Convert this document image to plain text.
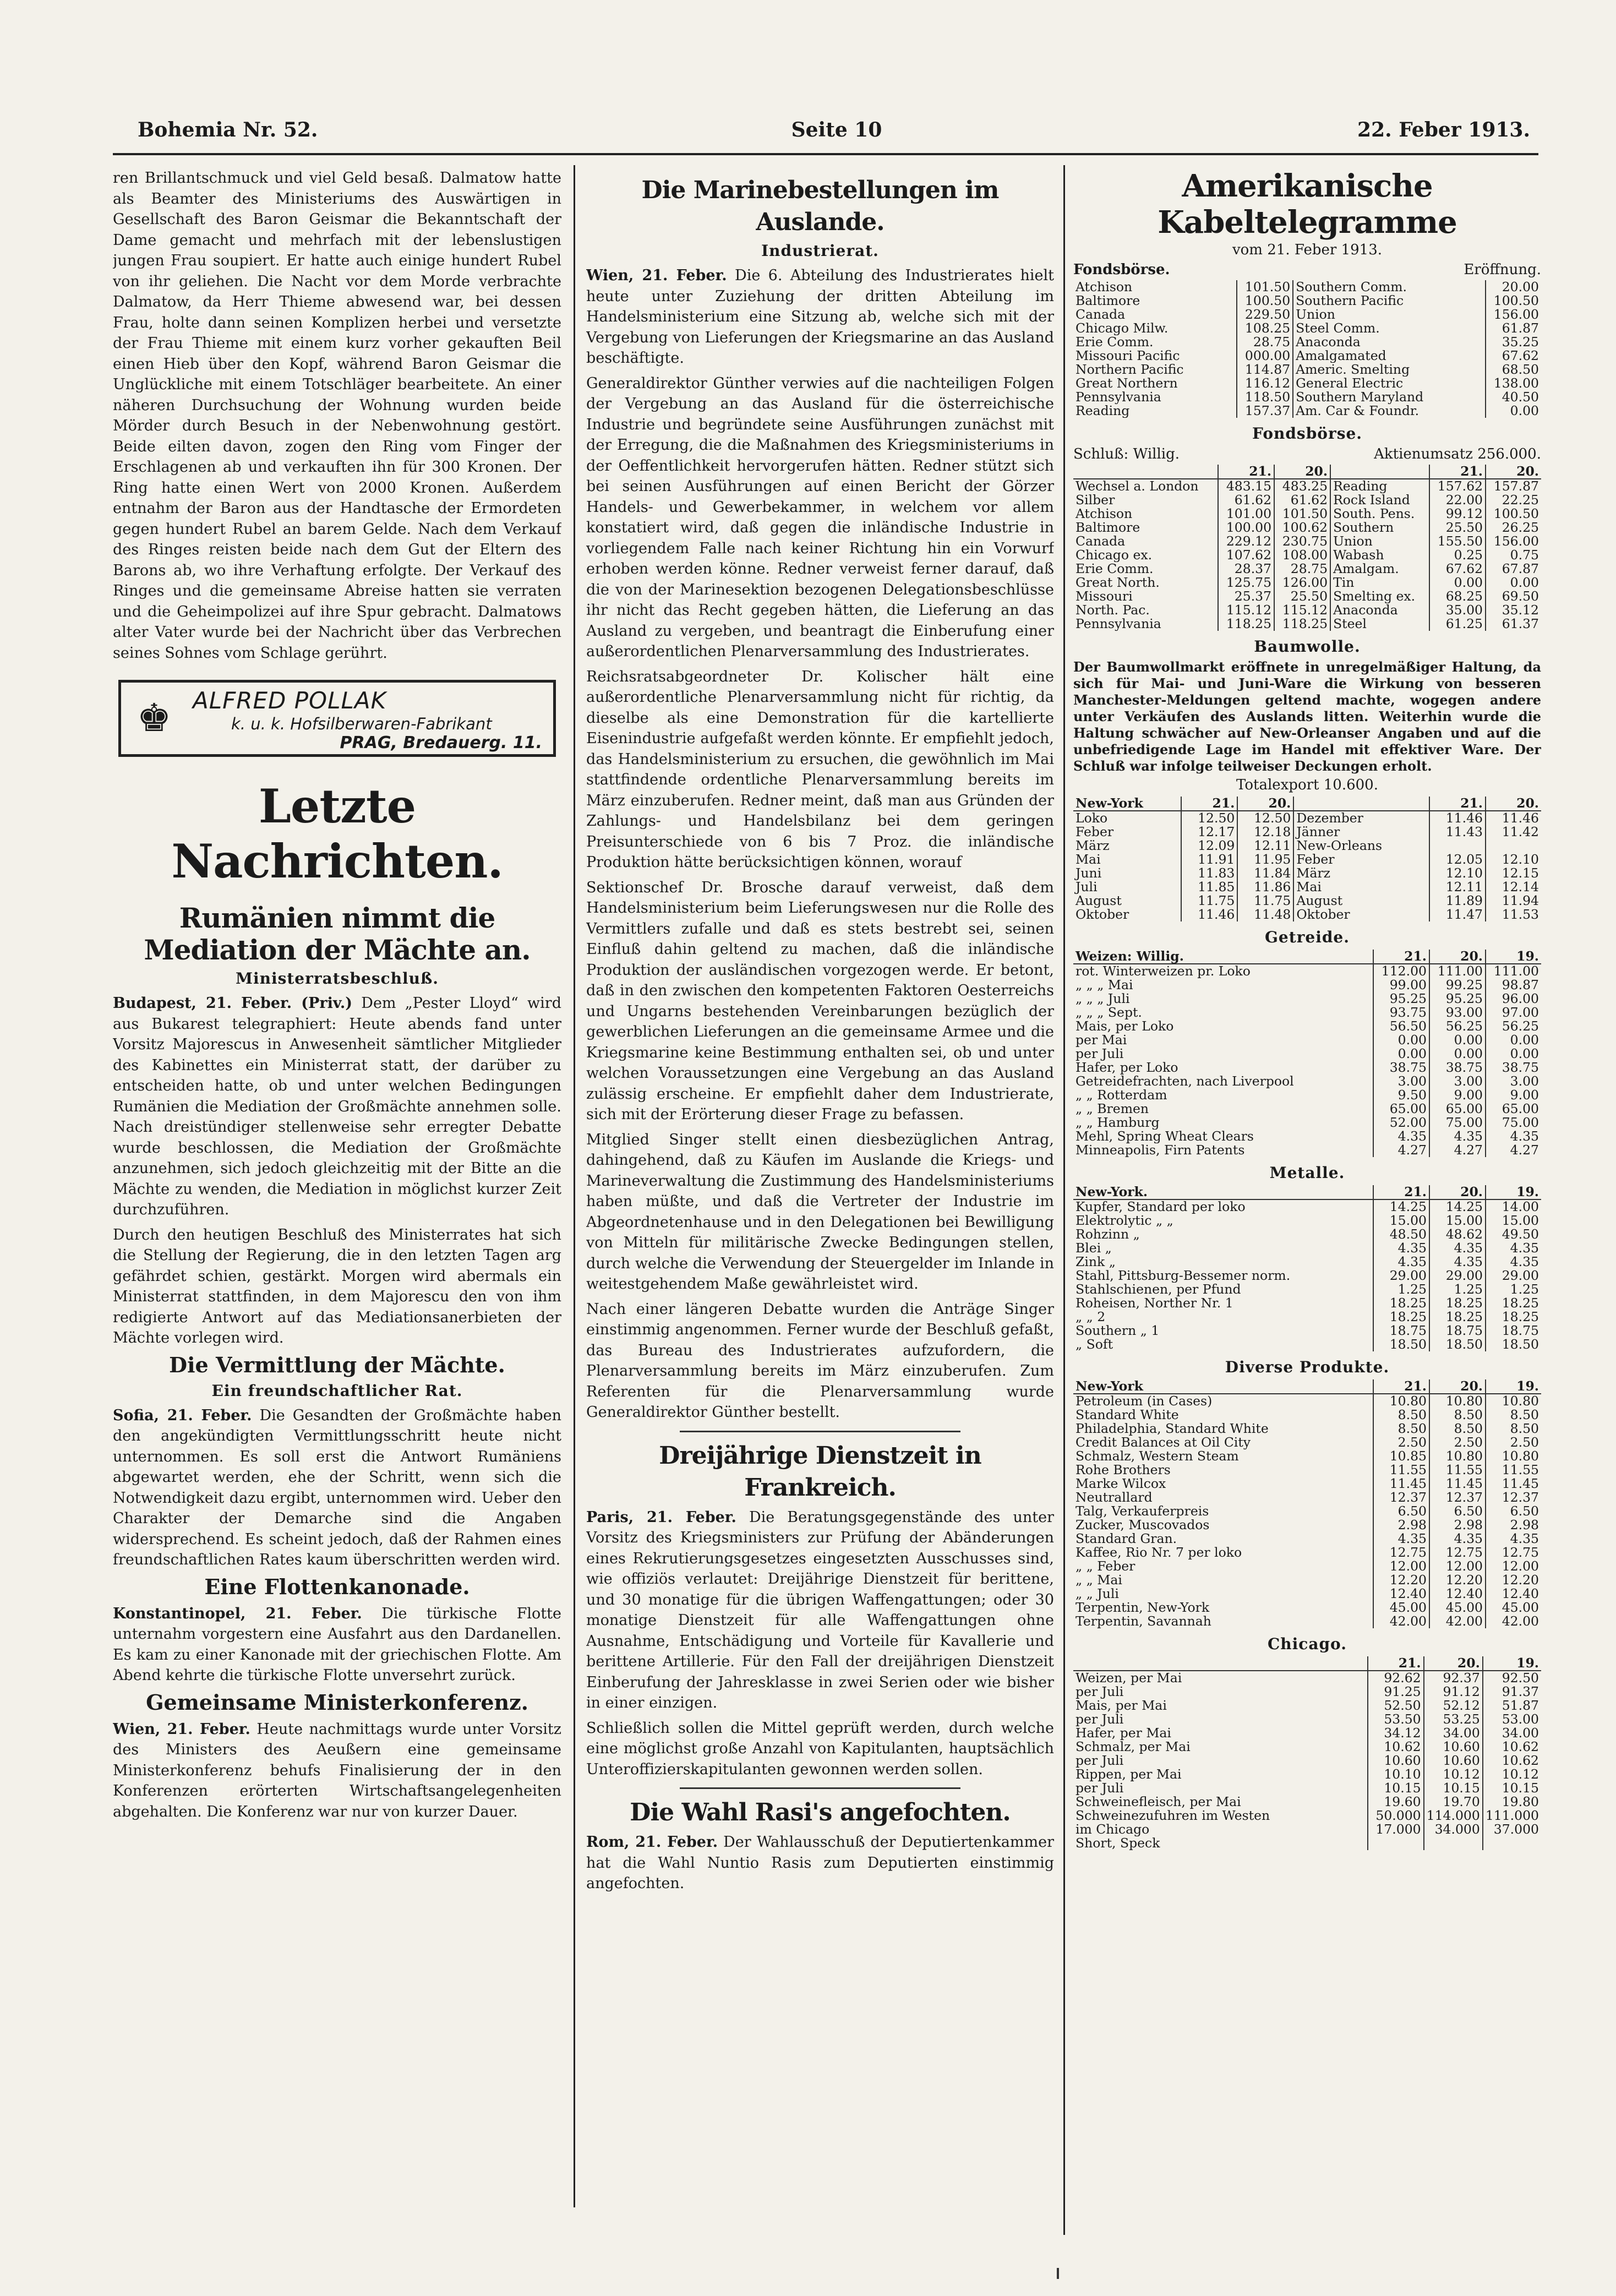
Bohemia Nr. 52.	Seite 10	22. Feber 1913.

ren Brillantschmuck und viel Geld besaß. Dalmatow hatte als Beamter des Ministeriums des Auswärtigen in Gesellschaft des Baron Geismar die Bekanntschaft der Dame gemacht und mehrfach mit der lebenslustigen jungen Frau soupiert. Er hatte auch einige hundert Rubel von ihr geliehen. Die Nacht vor dem Morde verbrachte Dalmatow, da Herr Thieme abwesend war, bei dessen Frau, holte dann seinen Komplizen herbei und versetzte der Frau Thieme mit einem kurz vorher gekauften Beil einen Hieb über den Kopf, während Baron Geismar die Unglückliche mit einem Totschläger bearbeitete. An einer näheren Durchsuchung der Wohnung wurden beide Mörder durch Besuch in der Nebenwohnung gestört. Beide eilten davon, zogen den Ring vom Finger der Erschlagenen ab und verkauften ihn für 300 Kronen. Der Ring hatte einen Wert von 2000 Kronen. Außerdem entnahm der Baron aus der Handtasche der Ermordeten gegen hundert Rubel an barem Gelde. Nach dem Verkauf des Ringes reisten beide nach dem Gut der Eltern des Barons ab, wo ihre Verhaftung erfolgte. Der Verkauf des Ringes und die gemeinsame Abreise hatten sie verraten und die Geheimpolizei auf ihre Spur gebracht. Dalmatows alter Vater wurde bei der Nachricht über das Verbrechen seines Sohnes vom Schlage gerührt.

♚ ALFRED POLLAK
k. u. k. Hofsilberwaren-Fabrikant
PRAG, Bredauerg. 11.
Letzte Nachrichten.
Rumänien nimmt die Mediation der Mächte an.
Ministerratsbeschluß.

Budapest, 21. Feber. (Priv.) Dem „Pester Lloyd“ wird aus Bukarest telegraphiert: Heute abends fand unter Vorsitz Majorescus in Anwesenheit sämtlicher Mitglieder des Kabinettes ein Ministerrat statt, der darüber zu entscheiden hatte, ob und unter welchen Bedingungen Rumänien die Mediation der Großmächte annehmen solle. Nach dreistündiger stellenweise sehr erregter Debatte wurde beschlossen, die Mediation der Großmächte anzunehmen, sich jedoch gleichzeitig mit der Bitte an die Mächte zu wenden, die Mediation in möglichst kurzer Zeit durchzuführen.

Durch den heutigen Beschluß des Ministerrates hat sich die Stellung der Regierung, die in den letzten Tagen arg gefährdet schien, gestärkt. Morgen wird abermals ein Ministerrat stattfinden, in dem Majorescu den von ihm redigierte Antwort auf das Mediationsanerbieten der Mächte vorlegen wird.

Die Vermittlung der Mächte.
Ein freundschaftlicher Rat.

Sofia, 21. Feber. Die Gesandten der Großmächte haben den angekündigten Vermittlungsschritt heute nicht unternommen. Es soll erst die Antwort Rumäniens abgewartet werden, ehe der Schritt, wenn sich die Notwendigkeit dazu ergibt, unternommen wird. Ueber den Charakter der Demarche sind die Angaben widersprechend. Es scheint jedoch, daß der Rahmen eines freundschaftlichen Rates kaum überschritten werden wird.

Eine Flottenkanonade.

Konstantinopel, 21. Feber. Die türkische Flotte unternahm vorgestern eine Ausfahrt aus den Dardanellen. Es kam zu einer Kanonade mit der griechischen Flotte. Am Abend kehrte die türkische Flotte unversehrt zurück.

Gemeinsame Ministerkonferenz.

Wien, 21. Feber. Heute nachmittags wurde unter Vorsitz des Ministers des Aeußern eine gemeinsame Ministerkonferenz behufs Finalisierung der in den Konferenzen erörterten Wirtschaftsangelegenheiten abgehalten. Die Konferenz war nur von kurzer Dauer.

Die Marinebestellungen im Auslande.
Industrierat.

Wien, 21. Feber. Die 6. Abteilung des Industrierates hielt heute unter Zuziehung der dritten Abteilung im Handelsministerium eine Sitzung ab, welche sich mit der Vergebung von Lieferungen der Kriegsmarine an das Ausland beschäftigte.

Generaldirektor Günther verwies auf die nachteiligen Folgen der Vergebung an das Ausland für die österreichische Industrie und begründete seine Ausführungen zunächst mit der Erregung, die die Maßnahmen des Kriegsministeriums in der Oeffentlichkeit hervorgerufen hätten. Redner stützt sich bei seinen Ausführungen auf einen Bericht der Görzer Handels- und Gewerbekammer, in welchem vor allem konstatiert wird, daß gegen die inländische Industrie in vorliegendem Falle nach keiner Richtung hin ein Vorwurf erhoben werden könne. Redner verweist ferner darauf, daß die von der Marinesektion bezogenen Delegationsbeschlüsse ihr nicht das Recht gegeben hätten, die Lieferung an das Ausland zu vergeben, und beantragt die Einberufung einer außerordentlichen Plenarversammlung des Industrierates.

Reichsratsabgeordneter Dr. Kolischer hält eine außerordentliche Plenarversammlung nicht für richtig, da dieselbe als eine Demonstration für die kartellierte Eisenindustrie aufgefaßt werden könnte. Er empfiehlt jedoch, das Handelsministerium zu ersuchen, die gewöhnlich im Mai stattfindende ordentliche Plenarversammlung bereits im März einzuberufen. Redner meint, daß man aus Gründen der Zahlungs- und Handelsbilanz bei dem geringen Preisunterschiede von 6 bis 7 Proz. die inländische Produktion hätte berücksichtigen können, worauf

Sektionschef Dr. Brosche darauf verweist, daß dem Handelsministerium beim Lieferungswesen nur die Rolle des Vermittlers zufalle und daß es stets bestrebt sei, seinen Einfluß dahin geltend zu machen, daß die inländische Produktion der ausländischen vorgezogen werde. Er betont, daß in den zwischen den kompetenten Faktoren Oesterreichs und Ungarns bestehenden Vereinbarungen bezüglich der gewerblichen Lieferungen an die gemeinsame Armee und die Kriegsmarine keine Bestimmung enthalten sei, ob und unter welchen Voraussetzungen eine Vergebung an das Ausland zulässig erscheine. Er empfiehlt daher dem Industrierate, sich mit der Erörterung dieser Frage zu befassen.

Mitglied Singer stellt einen diesbezüglichen Antrag, dahingehend, daß zu Käufen im Auslande die Kriegs- und Marineverwaltung die Zustimmung des Handelsministeriums haben müßte, und daß die Vertreter der Industrie im Abgeordnetenhause und in den Delegationen bei Bewilligung von Mitteln für militärische Zwecke Bedingungen stellen, durch welche die Verwendung der Steuergelder im Inlande in weitestgehendem Maße gewährleistet wird.

Nach einer längeren Debatte wurden die Anträge Singer einstimmig angenommen. Ferner wurde der Beschluß gefaßt, das Bureau des Industrierates aufzufordern, die Plenarversammlung bereits im März einzuberufen. Zum Referenten für die Plenarversammlung wurde Generaldirektor Günther bestellt.

Dreijährige Dienstzeit in Frankreich.

Paris, 21. Feber. Die Beratungsgegenstände des unter Vorsitz des Kriegsministers zur Prüfung der Abänderungen eines Rekrutierungsgesetzes eingesetzten Ausschusses sind, wie offiziös verlautet: Dreijährige Dienstzeit für berittene, und 30 monatige für die übrigen Waffengattungen; oder 30 monatige Dienstzeit für alle Waffengattungen ohne Ausnahme, Entschädigung und Vorteile für Kavallerie und berittene Artillerie. Für den Fall der dreijährigen Dienstzeit Einberufung der Jahresklasse in zwei Serien oder wie bisher in einer einzigen.

Schließlich sollen die Mittel geprüft werden, durch welche eine möglichst große Anzahl von Kapitulanten, hauptsächlich Unteroffizierskapitulanten gewonnen werden sollen.

Die Wahl Rasi's angefochten.

Rom, 21. Feber. Der Wahlausschuß der Deputiertenkammer hat die Wahl Nuntio Rasis zum Deputierten einstimmig angefochten.

Amerikanische Kabeltelegramme
vom 21. Feber 1913.
Fondsbörse.	Eröffnung.
Atchison	101.50	Southern Comm.	20.00
Baltimore	100.50	Southern Pacific	100.50
Canada	229.50	Union	156.00
Chicago Milw.	108.25	Steel Comm.	61.87
Erie Comm.	28.75	Anaconda	35.25
Missouri Pacific	000.00	Amalgamated	67.62
Northern Pacific	114.87	Americ. Smelting	68.50
Great Northern	116.12	General Electric	138.00
Pennsylvania	118.50	Southern Maryland	40.50
Reading	157.37	Am. Car & Foundr.	0.00
Fondsbörse.
Schluß: Willig.	Aktienumsatz 256.000.
	21.	20.		21.	20.
Wechsel a. London	483.15	483.25	Reading	157.62	157.87
Silber	61.62	61.62	Rock Island	22.00	22.25
Atchison	101.00	101.50	South. Pens.	99.12	100.50
Baltimore	100.00	100.62	Southern	25.50	26.25
Canada	229.12	230.75	Union	155.50	156.00
Chicago ex.	107.62	108.00	Wabash	0.25	0.75
Erie Comm.	28.37	28.75	Amalgam.	67.62	67.87
Great North.	125.75	126.00	Tin	0.00	0.00
Missouri	25.37	25.50	Smelting ex.	68.25	69.50
North. Pac.	115.12	115.12	Anaconda	35.00	35.12
Pennsylvania	118.25	118.25	Steel	61.25	61.37
Baumwolle.
Der Baumwollmarkt eröffnete in unregelmäßiger Haltung, da sich für Mai- und Juni-Ware die Wirkung von besseren Manchester-Meldungen geltend machte, wogegen andere unter Verkäufen des Auslands litten. Weiterhin wurde die Haltung schwächer auf New-Orleanser Angaben und auf die unbefriedigende Lage im Handel mit effektiver Ware. Der Schluß war infolge teilweiser Deckungen erholt.
Totalexport 10.600.
New-York	21.	20.		21.	20.
Loko	12.50	12.50	Dezember	11.46	11.46
Feber	12.17	12.18	Jänner	11.43	11.42
März	12.09	12.11	New-Orleans		
Mai	11.91	11.95	Feber	12.05	12.10
Juni	11.83	11.84	März	12.10	12.15
Juli	11.85	11.86	Mai	12.11	12.14
August	11.75	11.75	August	11.89	11.94
Oktober	11.46	11.48	Oktober	11.47	11.53
Getreide.
Weizen: Willig.	21.	20.	19.
rot. Winterweizen pr. Loko	112.00	111.00	111.00
„ „ „ Mai	99.00	99.25	98.87
„ „ „ Juli	95.25	95.25	96.00
„ „ „ Sept.	93.75	93.00	97.00
Mais, per Loko	56.50	56.25	56.25
per Mai	0.00	0.00	0.00
per Juli	0.00	0.00	0.00
Hafer, per Loko	38.75	38.75	38.75
Getreidefrachten, nach Liverpool	3.00	3.00	3.00
„ „ Rotterdam	9.50	9.00	9.00
„ „ Bremen	65.00	65.00	65.00
„ „ Hamburg	52.00	75.00	75.00
Mehl, Spring Wheat Clears	4.35	4.35	4.35
Minneapolis, Firn Patents	4.27	4.27	4.27
Metalle.
New-York.	21.	20.	19.
Kupfer, Standard per loko	14.25	14.25	14.00
Elektrolytic „ „	15.00	15.00	15.00
Rohzinn „	48.50	48.62	49.50
Blei „	4.35	4.35	4.35
Zink „	4.35	4.35	4.35
Stahl, Pittsburg-Bessemer norm.	29.00	29.00	29.00
Stahlschienen, per Pfund	1.25	1.25	1.25
Roheisen, Norther Nr. 1	18.25	18.25	18.25
„ „ 2	18.25	18.25	18.25
Southern „ 1	18.75	18.75	18.75
„ Soft	18.50	18.50	18.50
Diverse Produkte.
New-York	21.	20.	19.
Petroleum (in Cases)	10.80	10.80	10.80
Standard White	8.50	8.50	8.50
Philadelphia, Standard White	8.50	8.50	8.50
Credit Balances at Oil City	2.50	2.50	2.50
Schmalz, Western Steam	10.85	10.80	10.80
Rohe Brothers	11.55	11.55	11.55
Marke Wilcox	11.45	11.45	11.45
Neutrallard	12.37	12.37	12.37
Talg, Verkauferpreis	6.50	6.50	6.50
Zucker, Muscovados	2.98	2.98	2.98
Standard Gran.	4.35	4.35	4.35
Kaffee, Rio Nr. 7 per loko	12.75	12.75	12.75
„ „ Feber	12.00	12.00	12.00
„ „ Mai	12.20	12.20	12.20
„ „ Juli	12.40	12.40	12.40
Terpentin, New-York	45.00	45.00	45.00
Terpentin, Savannah	42.00	42.00	42.00
Chicago.
	21.	20.	19.
Weizen, per Mai	92.62	92.37	92.50
per Juli	91.25	91.12	91.37
Mais, per Mai	52.50	52.12	51.87
per Juli	53.50	53.25	53.00
Hafer, per Mai	34.12	34.00	34.00
Schmalz, per Mai	10.62	10.60	10.62
per Juli	10.60	10.60	10.62
Rippen, per Mai	10.10	10.12	10.12
per Juli	10.15	10.15	10.15
Schweinefleisch, per Mai	19.60	19.70	19.80
Schweinezufuhren im Westen	50.000	114.000	111.000
im Chicago	17.000	34.000	37.000
Short, Speck			
